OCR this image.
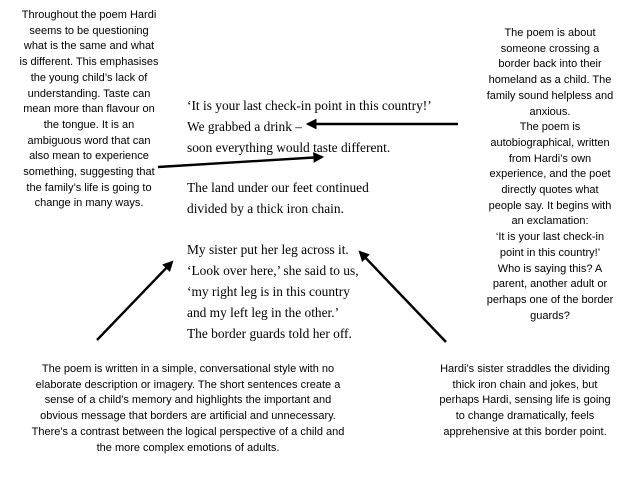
Throughout the poem Hardi
seems to be questioning
what is the same and what
is different. This emphasises
the young child’s lack of
understanding. Taste can
mean more than flavour on
the tongue. It is an
ambiguous word that can
also mean to experience
something, suggesting that
the family’s life is going to
change in many ways.
The poem is about
someone crossing a
border back into their
homeland as a child. The
family sound helpless and
anxious.
The poem is
autobiographical, written
from Hardi’s own
experience, and the poet
directly quotes what
people say. It begins with
an exclamation:
‘It is your last check-in
point in this country!’
Who is saying this? A
parent, another adult or
perhaps one of the border
guards?
The poem is written in a simple, conversational style with no
elaborate description or imagery. The short sentences create a
sense of a child's memory and highlights the important and
obvious message that borders are artificial and unnecessary.
There's a contrast between the logical perspective of a child and
the more complex emotions of adults.
Hardi’s sister straddles the dividing
thick iron chain and jokes, but
perhaps Hardi, sensing life is going
to change dramatically, feels
apprehensive at this border point.
‘It is your last check-in point in this country!’
We grabbed a drink –
soon everything would taste different.
The land under our feet continued
divided by a thick iron chain.
My sister put her leg across it.
‘Look over here,’ she said to us,
‘my right leg is in this country
and my left leg in the other.’
The border guards told her off.
